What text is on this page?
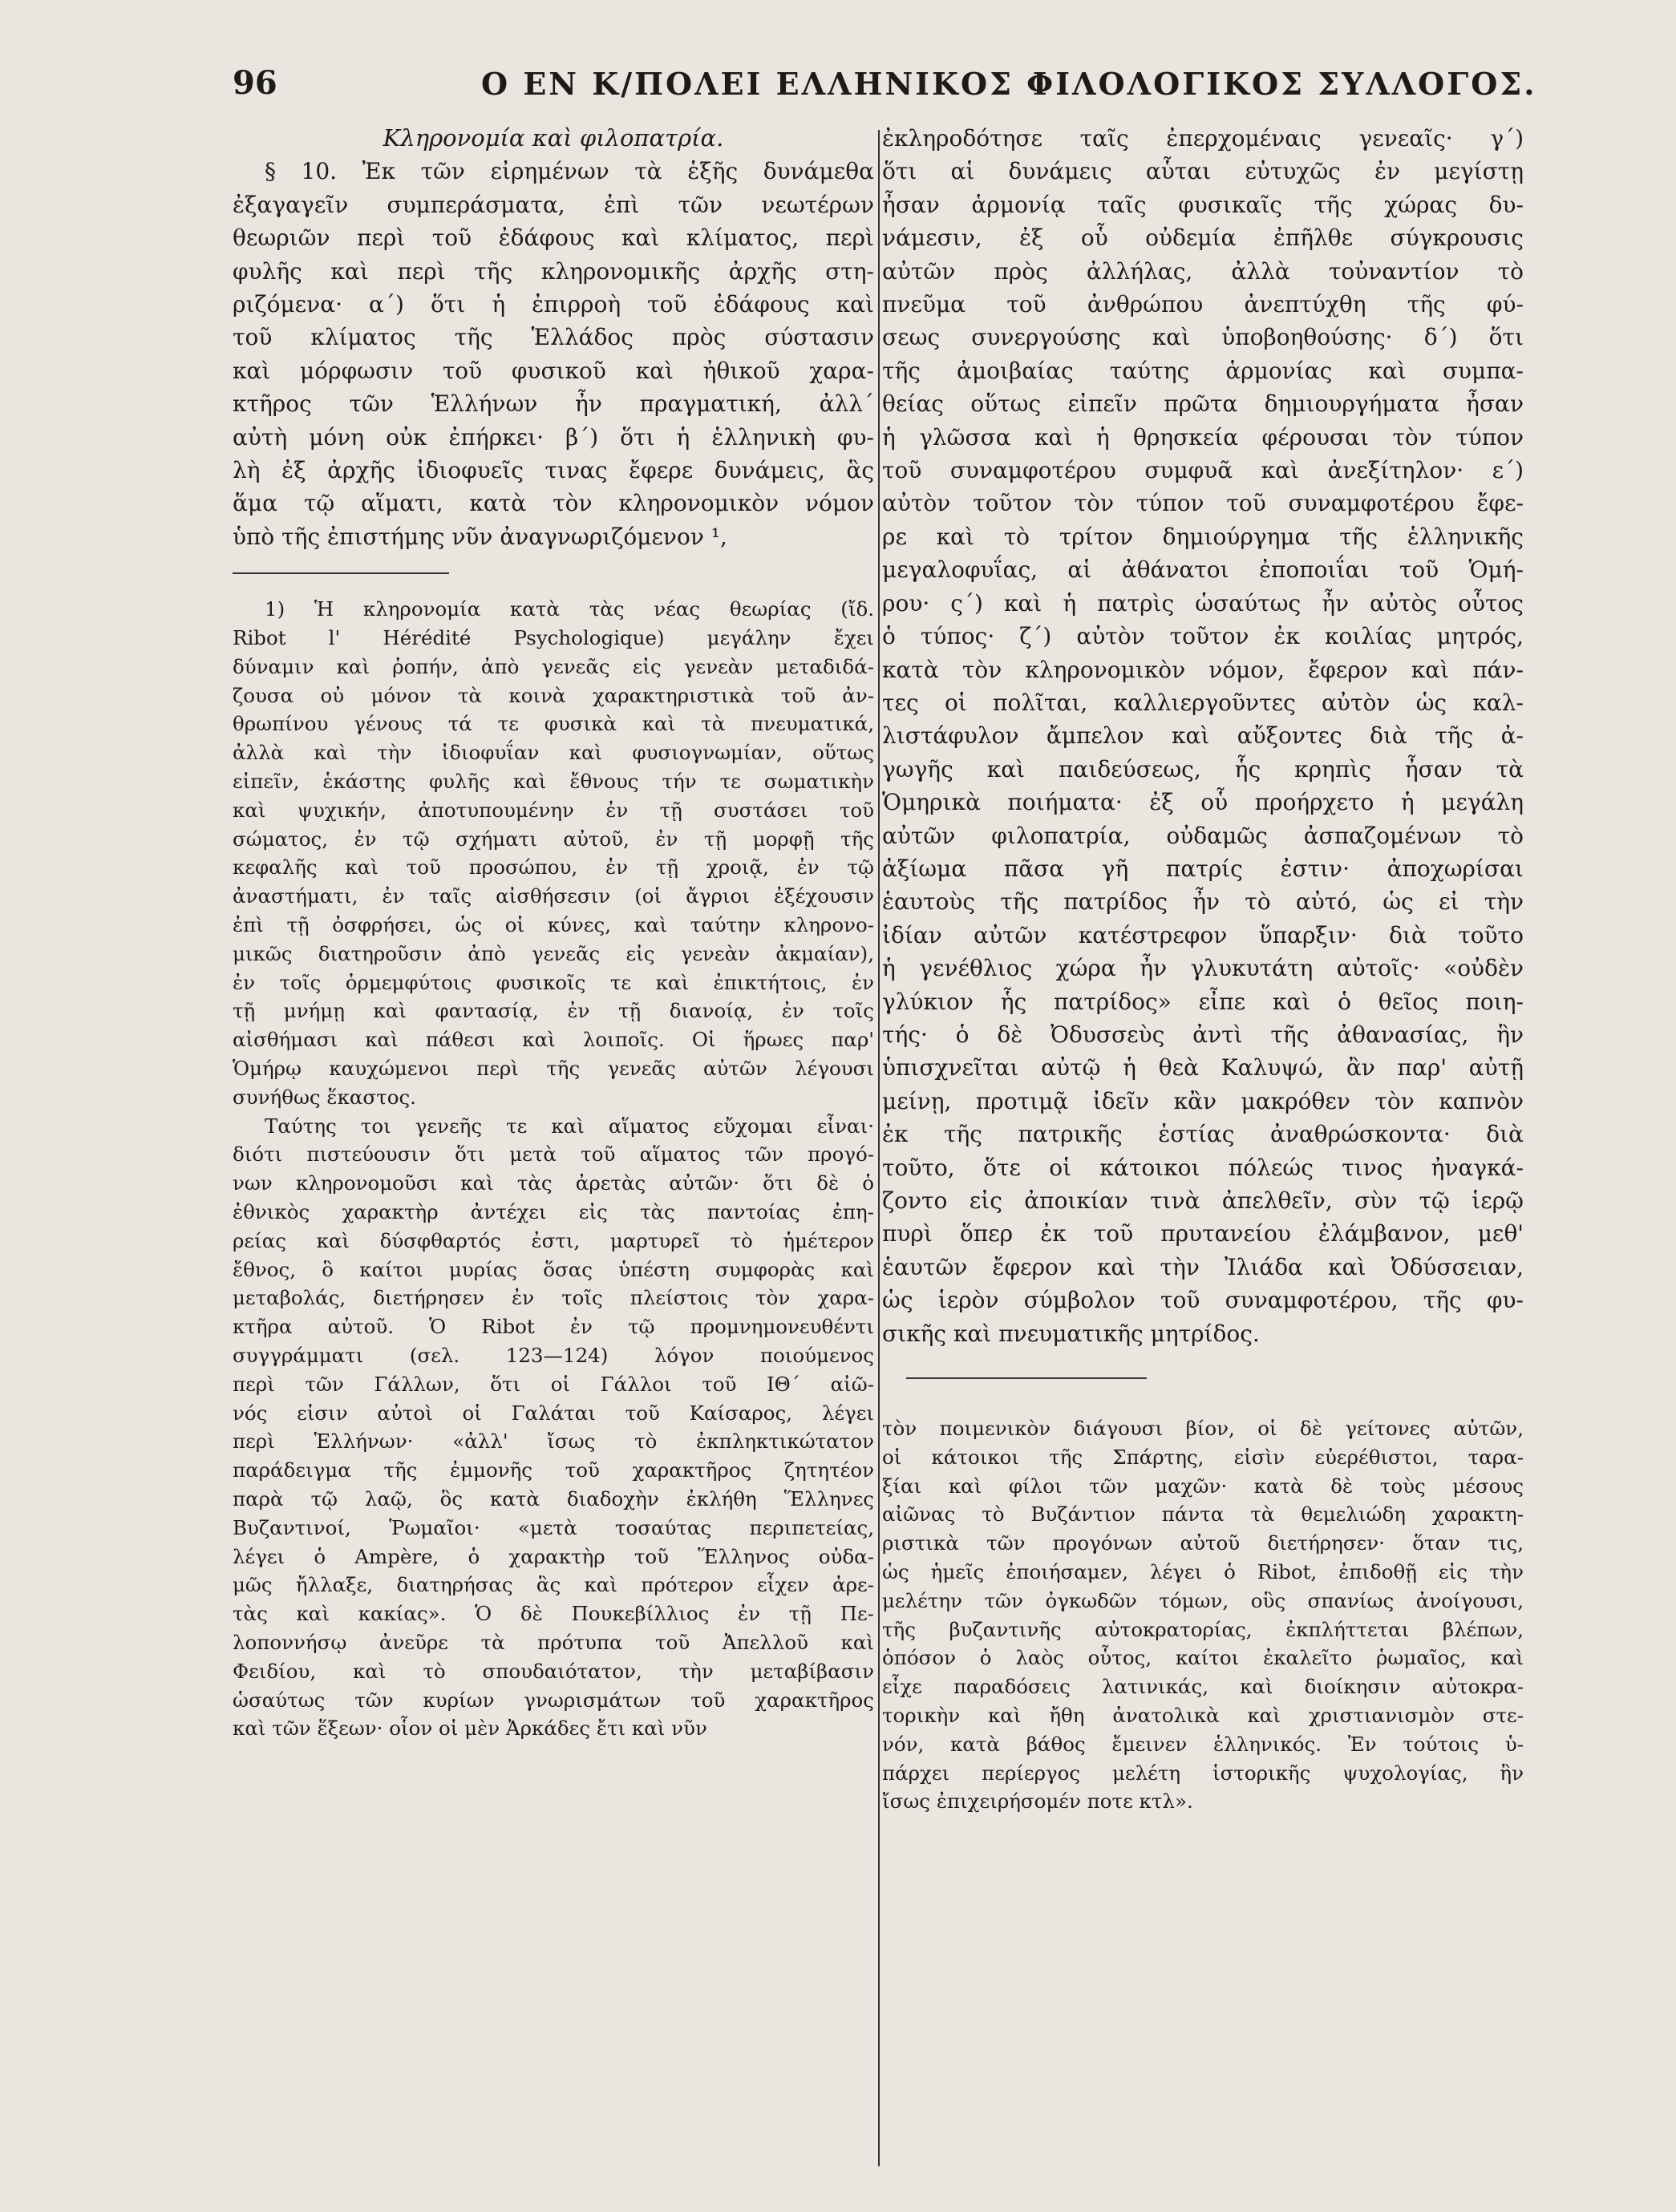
96	Ο ΕΝ Κ/ΠΟΛΕΙ ΕΛΛΗΝΙΚΟΣ ΦΙΛΟΛΟΓΙΚΟΣ ΣΥΛΛΟΓΟΣ.

Κληρονομία καὶ φιλοπατρία.

§ 10. Ἐκ τῶν εἰρημένων τὰ ἑξῆς δυνάμεθα

ἐξαγαγεῖν συμπεράσματα, ἐπὶ τῶν νεωτέρων

θεωριῶν περὶ τοῦ ἐδάφους καὶ κλίματος, περὶ

φυλῆς καὶ περὶ τῆς κληρονομικῆς ἀρχῆς στη-

ριζόμενα· α΄) ὅτι ἡ ἐπιρροὴ τοῦ ἐδάφους καὶ

τοῦ κλίματος τῆς Ἑλλάδος πρὸς σύστασιν

καὶ μόρφωσιν τοῦ φυσικοῦ καὶ ἠθικοῦ χαρα-

κτῆρος τῶν Ἑλλήνων ἦν πραγματική, ἀλλ΄

αὐτὴ μόνη οὐκ ἐπήρκει· β΄) ὅτι ἡ ἑλληνικὴ φυ-

λὴ ἐξ ἀρχῆς ἰδιοφυεῖς τινας ἔφερε δυνάμεις, ἃς

ἅμα τῷ αἵματι, κατὰ τὸν κληρονομικὸν νόμον

ὑπὸ τῆς ἐπιστήμης νῦν ἀναγνωριζόμενον ¹,

1) Ἡ κληρονομία κατὰ τὰς νέας θεωρίας (ἴδ.

Ribot l' Hérédité Psychologique) μεγάλην ἔχει

δύναμιν καὶ ῥοπήν, ἀπὸ γενεᾶς εἰς γενεὰν μεταδιδά-

ζουσα οὐ μόνον τὰ κοινὰ χαρακτηριστικὰ τοῦ ἀν-

θρωπίνου γένους τά τε φυσικὰ καὶ τὰ πνευματικά,

ἀλλὰ καὶ τὴν ἰδιοφυΐαν καὶ φυσιογνωμίαν, οὕτως

εἰπεῖν, ἑκάστης φυλῆς καὶ ἔθνους τήν τε σωματικὴν

καὶ ψυχικήν, ἀποτυπουμένην ἐν τῇ συστάσει τοῦ

σώματος, ἐν τῷ σχήματι αὐτοῦ, ἐν τῇ μορφῇ τῆς

κεφαλῆς καὶ τοῦ προσώπου, ἐν τῇ χροιᾷ, ἐν τῷ

ἀναστήματι, ἐν ταῖς αἰσθήσεσιν (οἱ ἄγριοι ἐξέχουσιν

ἐπὶ τῇ ὀσφρήσει, ὡς οἱ κύνες, καὶ ταύτην κληρονο-

μικῶς διατηροῦσιν ἀπὸ γενεᾶς εἰς γενεὰν ἀκμαίαν),

ἐν τοῖς ὁρμεμφύτοις φυσικοῖς τε καὶ ἐπικτήτοις, ἐν

τῇ μνήμῃ καὶ φαντασίᾳ, ἐν τῇ διανοίᾳ, ἐν τοῖς

αἰσθήμασι καὶ πάθεσι καὶ λοιποῖς. Οἱ ἥρωες παρ'

Ὁμήρῳ καυχώμενοι περὶ τῆς γενεᾶς αὐτῶν λέγουσι

συνήθως ἕκαστος.

Ταύτης τοι γενεῆς τε καὶ αἵματος εὔχομαι εἶναι·

διότι πιστεύουσιν ὅτι μετὰ τοῦ αἵματος τῶν προγό-

νων κληρονομοῦσι καὶ τὰς ἀρετὰς αὐτῶν· ὅτι δὲ ὁ

ἐθνικὸς χαρακτὴρ ἀντέχει εἰς τὰς παντοίας ἐπη-

ρείας καὶ δύσφθαρτός ἐστι, μαρτυρεῖ τὸ ἡμέτερον

ἔθνος, ὃ καίτοι μυρίας ὅσας ὑπέστη συμφορὰς καὶ

μεταβολάς, διετήρησεν ἐν τοῖς πλείστοις τὸν χαρα-

κτῆρα αὐτοῦ. Ὁ Ribot ἐν τῷ προμνημονευθέντι

συγγράμματι (σελ. 123—124) λόγον ποιούμενος

περὶ τῶν Γάλλων, ὅτι οἱ Γάλλοι τοῦ ΙΘ΄ αἰῶ-

νός εἰσιν αὐτοὶ οἱ Γαλάται τοῦ Καίσαρος, λέγει

περὶ Ἑλλήνων· «ἀλλ' ἴσως τὸ ἐκπληκτικώτατον

παράδειγμα τῆς ἐμμονῆς τοῦ χαρακτῆρος ζητητέον

παρὰ τῷ λαῷ, ὃς κατὰ διαδοχὴν ἐκλήθη Ἕλληνες

Βυζαντινοί, Ῥωμαῖοι· «μετὰ τοσαύτας περιπετείας,

λέγει ὁ Ampère, ὁ χαρακτὴρ τοῦ Ἕλληνος οὐδα-

μῶς ἤλλαξε, διατηρήσας ἃς καὶ πρότερον εἶχεν ἀρε-

τὰς καὶ κακίας». Ὁ δὲ Πουκεβίλλιος ἐν τῇ Πε-

λοποννήσῳ ἀνεῦρε τὰ πρότυπα τοῦ Ἀπελλοῦ καὶ

Φειδίου, καὶ τὸ σπουδαιότατον, τὴν μεταβίβασιν

ὡσαύτως τῶν κυρίων γνωρισμάτων τοῦ χαρακτῆρος

καὶ τῶν ἕξεων· οἷον οἱ μὲν Ἀρκάδες ἔτι καὶ νῦν

ἐκληροδότησε ταῖς ἐπερχομέναις γενεαῖς· γ΄)

ὅτι αἱ δυνάμεις αὗται εὐτυχῶς ἐν μεγίστῃ

ἦσαν ἁρμονίᾳ ταῖς φυσικαῖς τῆς χώρας δυ-

νάμεσιν, ἐξ οὗ οὐδεμία ἐπῆλθε σύγκρουσις

αὐτῶν πρὸς ἀλλήλας, ἀλλὰ τοὐναντίον τὸ

πνεῦμα τοῦ ἀνθρώπου ἀνεπτύχθη τῆς φύ-

σεως συνεργούσης καὶ ὑποβοηθούσης· δ΄) ὅτι

τῆς ἀμοιβαίας ταύτης ἁρμονίας καὶ συμπα-

θείας οὕτως εἰπεῖν πρῶτα δημιουργήματα ἦσαν

ἡ γλῶσσα καὶ ἡ θρησκεία φέρουσαι τὸν τύπον

τοῦ συναμφοτέρου συμφυᾶ καὶ ἀνεξίτηλον· ε΄)

αὐτὸν τοῦτον τὸν τύπον τοῦ συναμφοτέρου ἔφε-

ρε καὶ τὸ τρίτον δημιούργημα τῆς ἑλληνικῆς

μεγαλοφυΐας, αἱ ἀθάνατοι ἐποποιΐαι τοῦ Ὁμή-

ρου· ς΄) καὶ ἡ πατρὶς ὡσαύτως ἦν αὐτὸς οὗτος

ὁ τύπος· ζ΄) αὐτὸν τοῦτον ἐκ κοιλίας μητρός,

κατὰ τὸν κληρονομικὸν νόμον, ἔφερον καὶ πάν-

τες οἱ πολῖται, καλλιεργοῦντες αὐτὸν ὡς καλ-

λιστάφυλον ἄμπελον καὶ αὔξοντες διὰ τῆς ἀ-

γωγῆς καὶ παιδεύσεως, ἧς κρηπὶς ἦσαν τὰ

Ὁμηρικὰ ποιήματα· ἐξ οὗ προήρχετο ἡ μεγάλη

αὐτῶν φιλοπατρία, οὐδαμῶς ἀσπαζομένων τὸ

ἀξίωμα πᾶσα γῆ πατρίς ἐστιν· ἀποχωρίσαι

ἑαυτοὺς τῆς πατρίδος ἦν τὸ αὐτό, ὡς εἰ τὴν

ἰδίαν αὐτῶν κατέστρεφον ὕπαρξιν· διὰ τοῦτο

ἡ γενέθλιος χώρα ἦν γλυκυτάτη αὐτοῖς· «οὐδὲν

γλύκιον ἧς πατρίδος» εἶπε καὶ ὁ θεῖος ποιη-

τής· ὁ δὲ Ὀδυσσεὺς ἀντὶ τῆς ἀθανασίας, ἣν

ὑπισχνεῖται αὐτῷ ἡ θεὰ Καλυψώ, ἂν παρ' αὐτῇ

μείνῃ, προτιμᾷ ἰδεῖν κἂν μακρόθεν τὸν καπνὸν

ἐκ τῆς πατρικῆς ἑστίας ἀναθρώσκοντα· διὰ

τοῦτο, ὅτε οἱ κάτοικοι πόλεώς τινος ἠναγκά-

ζοντο εἰς ἀποικίαν τινὰ ἀπελθεῖν, σὺν τῷ ἱερῷ

πυρὶ ὅπερ ἐκ τοῦ πρυτανείου ἐλάμβανον, μεθ'

ἑαυτῶν ἔφερον καὶ τὴν Ἰλιάδα καὶ Ὀδύσσειαν,

ὡς ἱερὸν σύμβολον τοῦ συναμφοτέρου, τῆς φυ-

σικῆς καὶ πνευματικῆς μητρίδος.

τὸν ποιμενικὸν διάγουσι βίον, οἱ δὲ γείτονες αὐτῶν,

οἱ κάτοικοι τῆς Σπάρτης, εἰσὶν εὐερέθιστοι, ταρα-

ξίαι καὶ φίλοι τῶν μαχῶν· κατὰ δὲ τοὺς μέσους

αἰῶνας τὸ Βυζάντιον πάντα τὰ θεμελιώδη χαρακτη-

ριστικὰ τῶν προγόνων αὐτοῦ διετήρησεν· ὅταν τις,

ὡς ἡμεῖς ἐποιήσαμεν, λέγει ὁ Ribot, ἐπιδοθῇ εἰς τὴν

μελέτην τῶν ὀγκωδῶν τόμων, οὓς σπανίως ἀνοίγουσι,

τῆς βυζαντινῆς αὐτοκρατορίας, ἐκπλήττεται βλέπων,

ὁπόσον ὁ λαὸς οὗτος, καίτοι ἐκαλεῖτο ῥωμαῖος, καὶ

εἶχε παραδόσεις λατινικάς, καὶ διοίκησιν αὐτοκρα-

τορικὴν καὶ ἤθη ἀνατολικὰ καὶ χριστιανισμὸν στε-

νόν, κατὰ βάθος ἔμεινεν ἑλληνικός. Ἐν τούτοις ὑ-

πάρχει περίεργος μελέτη ἱστορικῆς ψυχολογίας, ἣν

ἴσως ἐπιχειρήσομέν ποτε κτλ».
